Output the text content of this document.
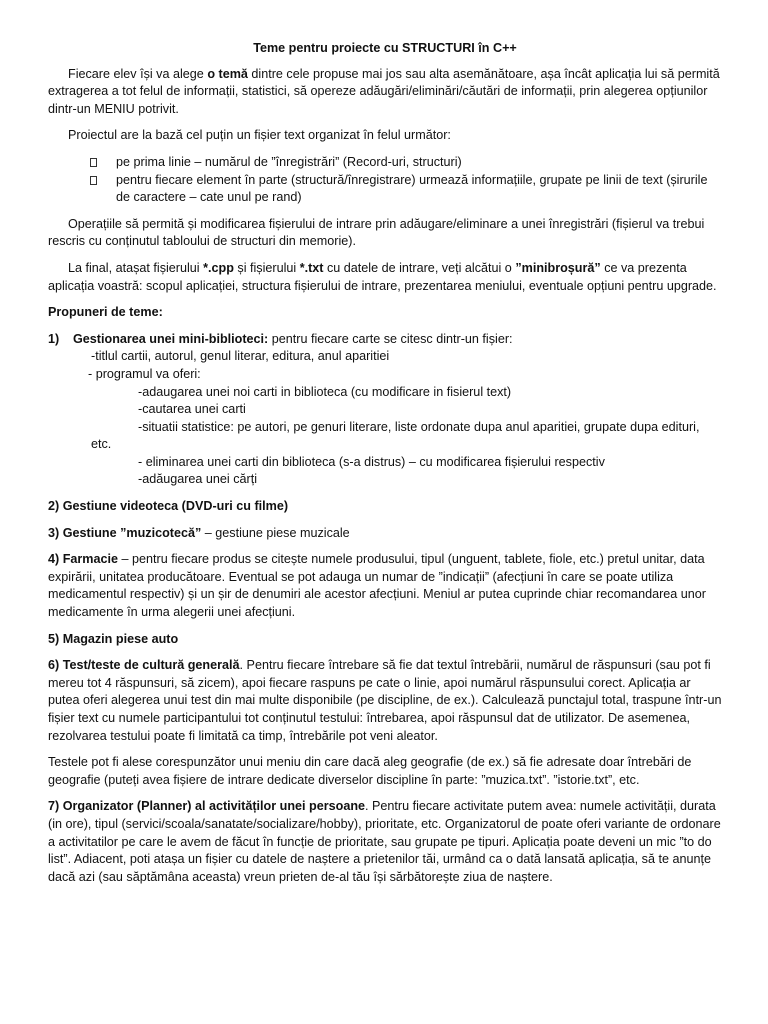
Teme pentru proiecte cu STRUCTURI în C++

Fiecare elev își va alege o temă dintre cele propuse mai jos sau alta asemănătoare, așa încât aplicația lui să permită extragerea a tot felul de informații, statistici, să opereze adăugări/eliminări/căutări de informații, prin alegerea opțiunilor dintr-un MENIU potrivit.

Proiectul are la bază cel puțin un fișier text organizat în felul următor:

pe prima linie – numărul de ”înregistrări” (Record-uri, structuri)
pentru fiecare element în parte (structură/înregistrare) urmează informațiile, grupate pe linii de text (șirurile de caractere – cate unul pe rand)

Operațiile să permită și modificarea fișierului de intrare prin adăugare/eliminare a unei înregistrări (fișierul va trebui rescris cu conținutul tabloului de structuri din memorie).

La final, atașat fișierului *.cpp și fișierului *.txt cu datele de intrare, veți alcătui o ”minibroșură” ce va prezenta aplicația voastră: scopul aplicației, structura fișierului de intrare, prezentarea meniului, eventuale opțiuni pentru upgrade.

Propuneri de teme:

1) Gestionarea unei mini-biblioteci: pentru fiecare carte se citesc dintr-un fișier:
-titlul cartii, autorul, genul literar, editura, anul aparitiei
- programul va oferi:
-adaugarea unei noi carti in biblioteca (cu modificare in fisierul text)
-cautarea unei carti
-situatii statistice: pe autori, pe genuri literare, liste ordonate dupa anul aparitiei, grupate dupa edituri,
etc.
- eliminarea unei carti din biblioteca (s-a distrus) – cu modificarea fișierului respectiv
-adăugarea unei cărți

2) Gestiune videoteca (DVD-uri cu filme)

3) Gestiune ”muzicotecă” – gestiune piese muzicale

4) Farmacie – pentru fiecare produs se citește numele produsului, tipul (unguent, tablete, fiole, etc.) pretul unitar, data expirării, unitatea producătoare. Eventual se pot adauga un numar de ”indicații” (afecțiuni în care se poate utiliza medicamentul respectiv) și un șir de denumiri ale acestor afecțiuni. Meniul ar putea cuprinde chiar recomandarea unor medicamente în urma alegerii unei afecțiuni.

5) Magazin piese auto

6) Test/teste de cultură generală. Pentru fiecare întrebare să fie dat textul întrebării, numărul de răspunsuri (sau pot fi mereu tot 4 răspunsuri, să zicem), apoi fiecare raspuns pe cate o linie, apoi numărul răspunsului corect. Aplicația ar putea oferi alegerea unui test din mai multe disponibile (pe discipline, de ex.). Calculează punctajul total, traspune într-un fișier text cu numele participantului tot conținutul testului: întrebarea, apoi răspunsul dat de utilizator. De asemenea, rezolvarea testului poate fi limitată ca timp, întrebările pot veni aleator.

Testele pot fi alese corespunzător unui meniu din care dacă aleg geografie (de ex.) să fie adresate doar întrebări de geografie (puteți avea fișiere de intrare dedicate diverselor discipline în parte: ”muzica.txt”. ”istorie.txt”, etc.

7) Organizator (Planner) al activităților unei persoane. Pentru fiecare activitate putem avea: numele activității, durata (in ore), tipul (servici/scoala/sanatate/socializare/hobby), prioritate, etc. Organizatorul de poate oferi variante de ordonare a activitatilor pe care le avem de făcut în funcție de prioritate, sau grupate pe tipuri. Aplicația poate deveni un mic ”to do list”. Adiacent, poti atașa un fișier cu datele de naștere a prietenilor tăi, urmând ca o dată lansată aplicația, să te anunțe dacă azi (sau săptămâna aceasta) vreun prieten de-al tău își sărbătorește ziua de naștere.
